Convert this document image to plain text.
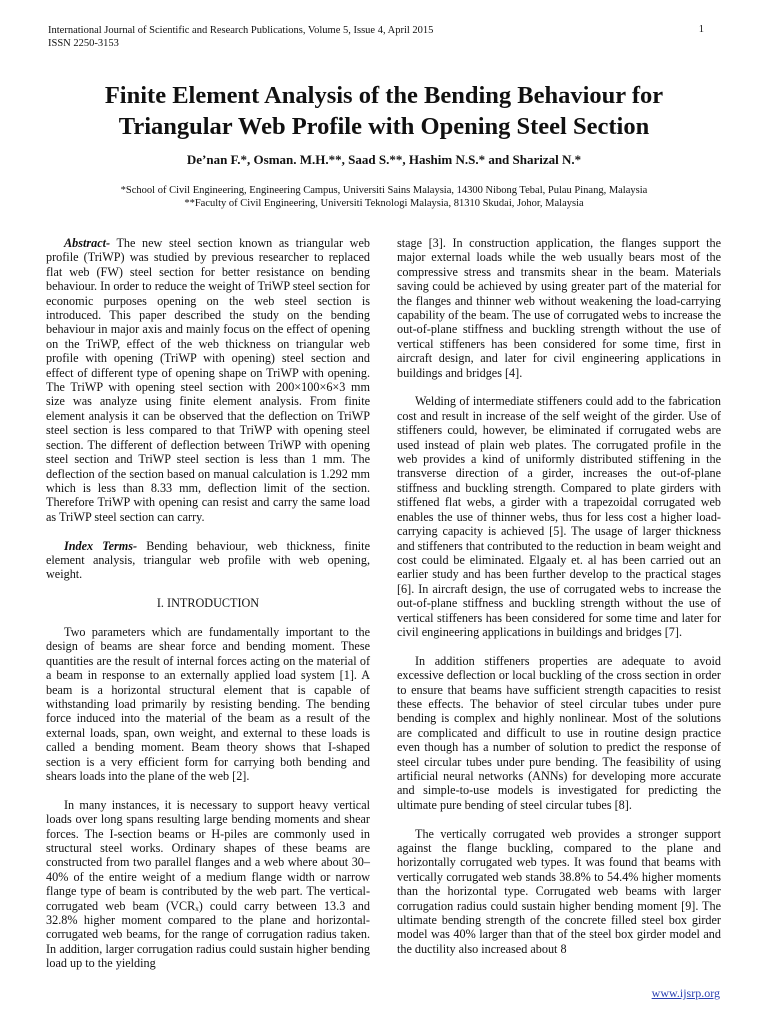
International Journal of Scientific and Research Publications, Volume 5, Issue 4, April 2015
ISSN 2250-3153
1
Finite Element Analysis of the Bending Behaviour for
Triangular Web Profile with Opening Steel Section
De’nan F.*, Osman. M.H.**, Saad S.**, Hashim N.S.* and Sharizal N.*
*School of Civil Engineering, Engineering Campus, Universiti Sains Malaysia, 14300 Nibong Tebal, Pulau Pinang, Malaysia
**Faculty of Civil Engineering, Universiti Teknologi Malaysia, 81310 Skudai, Johor, Malaysia

Abstract- The new steel section known as triangular web profile (TriWP) was studied by previous researcher to replaced flat web (FW) steel section for better resistance on bending behaviour. In order to reduce the weight of TriWP steel section for economic purposes opening on the web steel section is introduced. This paper described the study on the bending behaviour in major axis and mainly focus on the effect of opening on the TriWP, effect of the web thickness on triangular web profile with opening (TriWP with opening) steel section and effect of different type of opening shape on TriWP with opening. The TriWP with opening steel section with 200×100×6×3 mm size was analyze using finite element analysis. From finite element analysis it can be observed that the deflection on TriWP steel section is less compared to that TriWP with opening steel section. The different of deflection between TriWP with opening steel section and TriWP steel section is less than 1 mm. The deflection of the section based on manual calculation is 1.292 mm which is less than 8.33 mm, deflection limit of the section. Therefore TriWP with opening can resist and carry the same load as TriWP steel section can carry.

Index Terms- Bending behaviour, web thickness, finite element analysis, triangular web profile with web opening, weight.

I. INTRODUCTION

Two parameters which are fundamentally important to the design of beams are shear force and bending moment. These quantities are the result of internal forces acting on the material of a beam in response to an externally applied load system [1]. A beam is a horizontal structural element that is capable of withstanding load primarily by resisting bending. The bending force induced into the material of the beam as a result of the external loads, span, own weight, and external to these loads is called a bending moment. Beam theory shows that I-shaped section is a very efficient form for carrying both bending and shears loads into the plane of the web [2].

In many instances, it is necessary to support heavy vertical loads over long spans resulting large bending moments and shear forces. The I-section beams or H-piles are commonly used in structural steel works. Ordinary shapes of these beams are constructed from two parallel flanges and a web where about 30–40% of the entire weight of a medium flange width or narrow flange type of beam is contributed by the web part. The vertical-corrugated web beam (VCRₓ) could carry between 13.3 and 32.8% higher moment compared to the plane and horizontal-corrugated web beams, for the range of corrugation radius taken. In addition, larger corrugation radius could sustain higher bending load up to the yielding

stage [3]. In construction application, the flanges support the major external loads while the web usually bears most of the compressive stress and transmits shear in the beam. Materials saving could be achieved by using greater part of the material for the flanges and thinner web without weakening the load-carrying capability of the beam. The use of corrugated webs to increase the out-of-plane stiffness and buckling strength without the use of vertical stiffeners has been considered for some time, first in aircraft design, and later for civil engineering applications in buildings and bridges [4].

Welding of intermediate stiffeners could add to the fabrication cost and result in increase of the self weight of the girder. Use of stiffeners could, however, be eliminated if corrugated webs are used instead of plain web plates. The corrugated profile in the web provides a kind of uniformly distributed stiffening in the transverse direction of a girder, increases the out-of-plane stiffness and buckling strength. Compared to plate girders with stiffened flat webs, a girder with a trapezoidal corrugated web enables the use of thinner webs, thus for less cost a higher load-carrying capacity is achieved [5]. The usage of larger thickness and stiffeners that contributed to the reduction in beam weight and cost could be eliminated. Elgaaly et. al has been carried out an earlier study and has been further develop to the practical stages [6]. In aircraft design, the use of corrugated webs to increase the out-of-plane stiffness and buckling strength without the use of vertical stiffeners has been considered for some time and later for civil engineering applications in buildings and bridges [7].

In addition stiffeners properties are adequate to avoid excessive deflection or local buckling of the cross section in order to ensure that beams have sufficient strength capacities to resist these effects. The behavior of steel circular tubes under pure bending is complex and highly nonlinear. Most of the solutions are complicated and difficult to use in routine design practice even though has a number of solution to predict the response of steel circular tubes under pure bending. The feasibility of using artificial neural networks (ANNs) for developing more accurate and simple-to-use models is investigated for predicting the ultimate pure bending of steel circular tubes [8].

The vertically corrugated web provides a stronger support against the flange buckling, compared to the plane and horizontally corrugated web types. It was found that beams with vertically corrugated web stands 38.8% to 54.4% higher moments than the horizontal type. Corrugated web beams with larger corrugation radius could sustain higher bending moment [9]. The ultimate bending strength of the concrete filled steel box girder model was 40% larger than that of the steel box girder model and the ductility also increased about 8

www.ijsrp.org
